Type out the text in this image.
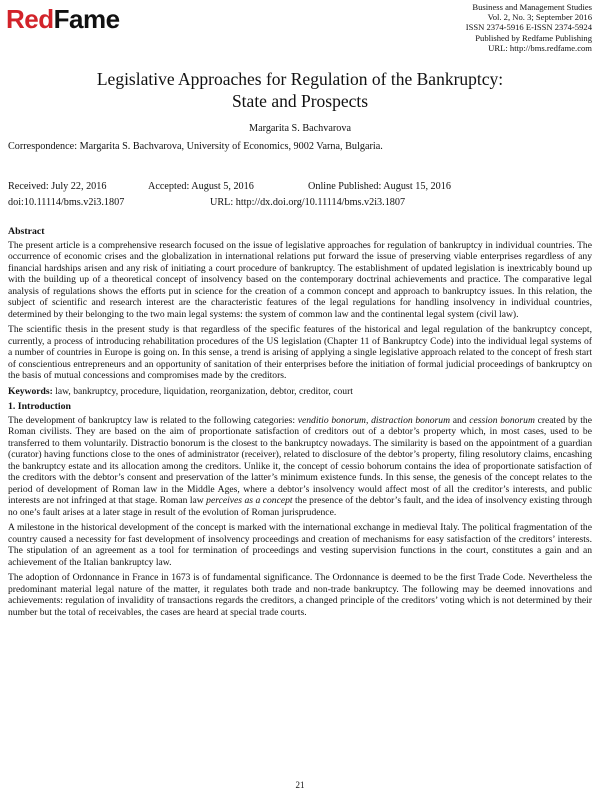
RedFame	Business and Management Studies
Vol. 2, No. 3; September 2016
ISSN 2374-5916 E-ISSN 2374-5924
Published by Redfame Publishing
URL: http://bms.redfame.com
Legislative Approaches for Regulation of the Bankruptcy:
State and Prospects
Margarita S. Bachvarova
Correspondence: Margarita S. Bachvarova, University of Economics, 9002 Varna, Bulgaria.
Received: July 22, 2016	Accepted: August 5, 2016	Online Published: August 15, 2016
doi:10.11114/bms.v2i3.1807	URL: http://dx.doi.org/10.11114/bms.v2i3.1807
Abstract

The present article is a comprehensive research focused on the issue of legislative approaches for regulation of bankruptcy in individual countries. The occurrence of economic crises and the globalization in international relations put forward the issue of preserving viable enterprises regardless of any financial hardships arisen and any risk of initiating a court procedure of bankruptcy. The establishment of updated legislation is inextricably bound up with the building up of a theoretical concept of insolvency based on the contemporary doctrinal achievements and practice. The comparative legal analysis of regulations shows the efforts put in science for the creation of a common concept and approach to bankruptcy issues. In this relation, the subject of scientific and research interest are the characteristic features of the legal regulations for handling insolvency in individual countries, determined by their belonging to the two main legal systems: the system of common law and the continental legal system (civil law).

The scientific thesis in the present study is that regardless of the specific features of the historical and legal regulation of the bankruptcy concept, currently, a process of introducing rehabilitation procedures of the US legislation (Chapter 11 of Bankruptcy Code) into the individual legal systems of a number of countries in Europe is going on. In this sense, a trend is arising of applying a single legislative approach related to the concept of fresh start of conscientious entrepreneurs and an opportunity of sanitation of their enterprises before the initiation of formal judicial proceedings of bankruptcy on the basis of mutual concessions and compromises made by the creditors.

Keywords: law, bankruptcy, procedure, liquidation, reorganization, debtor, creditor, court

1. Introduction

The development of bankruptcy law is related to the following categories: venditio bonorum, distraction bonorum and cession bonorum created by the Roman civilists. They are based on the aim of proportionate satisfaction of creditors out of a debtor’s property which, in most cases, used to be transferred to them voluntarily. Distractio bonorum is the closest to the bankruptcy nowadays. The similarity is based on the appointment of a guardian (curator) having functions close to the ones of administrator (receiver), related to disclosure of the debtor’s property, filing resolutory claims, encashing the bankruptcy estate and its allocation among the creditors. Unlike it, the concept of cessio bohorum contains the idea of proportionate satisfaction of the creditors with the debtor’s consent and preservation of the latter’s minimum existence funds. In this sense, the genesis of the concept relates to the period of development of Roman law in the Middle Ages, where a debtor’s insolvency would affect most of all the creditor’s interests, and public interests are not infringed at that stage. Roman law perceives as a concept the presence of the debtor’s fault, and the idea of insolvency existing through no one’s fault arises at a later stage in result of the evolution of Roman jurisprudence.

A milestone in the historical development of the concept is marked with the international exchange in medieval Italy. The political fragmentation of the country caused a necessity for fast development of insolvency proceedings and creation of mechanisms for easy satisfaction of the creditors’ interests. The stipulation of an agreement as a tool for termination of proceedings and vesting supervision functions in the court, constitutes a gain and an achievement of the Italian bankruptcy law.

The adoption of Ordonnance in France in 1673 is of fundamental significance. The Ordonnance is deemed to be the first Trade Code. Nevertheless the predominant material legal nature of the matter, it regulates both trade and non-trade bankruptcy. The following may be deemed innovations and achievements: regulation of invalidity of transactions regards the creditors, a changed principle of the creditors’ voting which is not determined by their number but the total of receivables, the cases are heard at special trade courts.

21
